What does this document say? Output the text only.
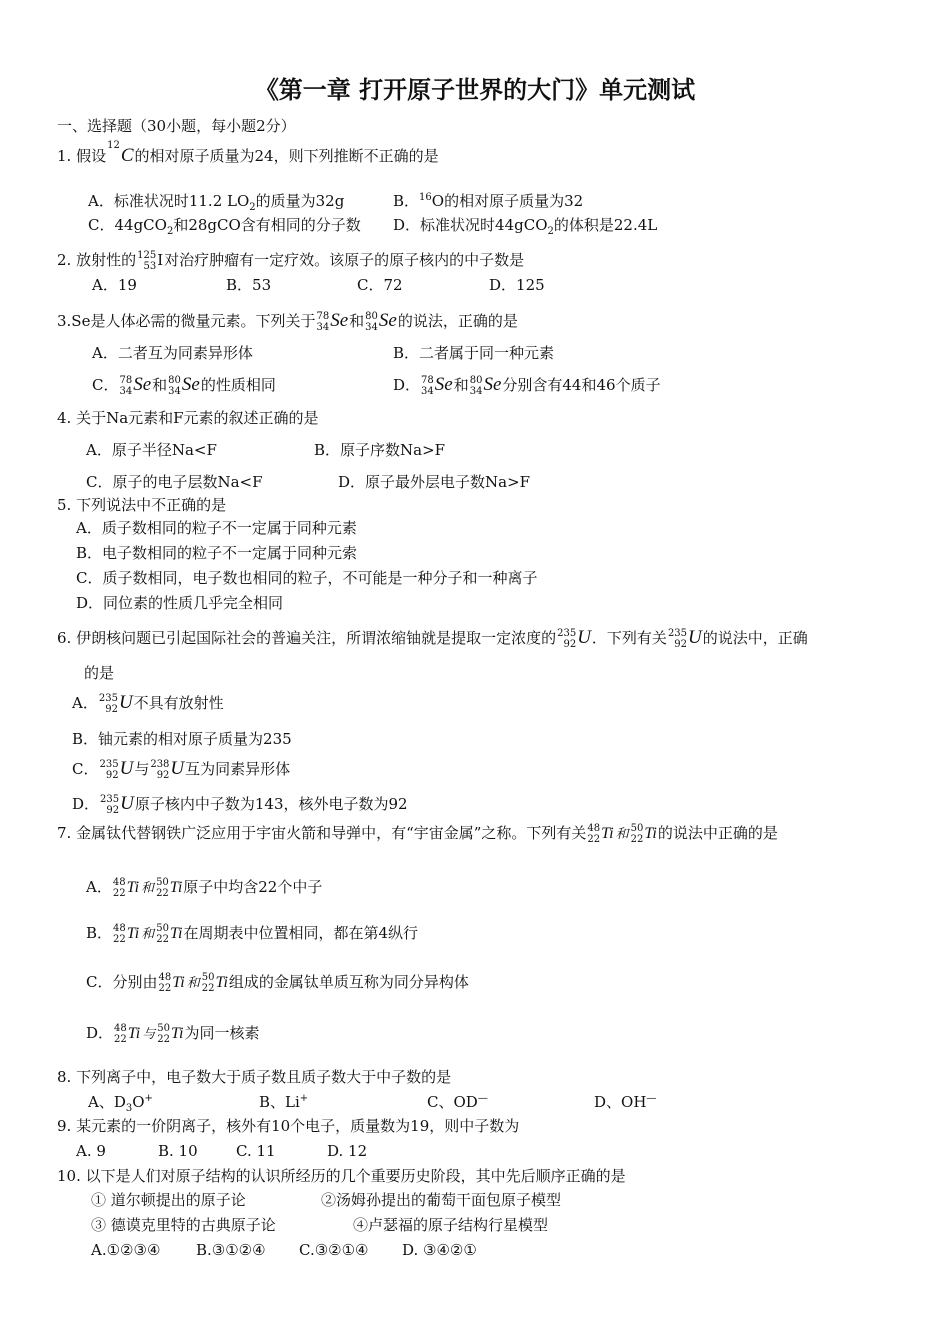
《第一章 打开原子世界的大门》单元测试
一、选择题（30小题，每小题2分）
1. 假设
12 C的相对原子质量为24，则下列推断不正确的是
A．标准状况时11.2 $LO_2$的质量为32g	B．$^{16}$O的相对原子质量为32
C．44gCO$_2$和28gCO含有相同的分子数 D．标准状况时44gCO$_2$的体积是22.4L
2. 放射性的 125
53 I对治疗肿瘤有一定疗效。该原子的原子核内的中子数是
A．19	B．53	C．72	D．125
3.Se是人体必需的微量元素。下列关于 78
34 Se和 80
34 Se的说法，正确的是
A．二者互为同素异形体	B．二者属于同一种元素
C． 78
34 Se和 80
34 Se的性质相同	D． 78
34 Se和 80
34 Se分别含有44和46个质子
4. 关于Na元素和F元素的叙述正确的是
A．原子半径Na<F	B．原子序数Na>F
C．原子的电子层数Na<F	D．原子最外层电子数Na>F
5. 下列说法中不正确的是
A．质子数相同的粒子不一定属于同种元素
B．电子数相同的粒子不一定属于同种元索
C．质子数相同，电子数也相同的粒子，不可能是一种分子和一种离子
D．同位素的性质几乎完全相同
6. 伊朗核问题已引起国际社会的普遍关注，所谓浓缩铀就是提取一定浓度的 235
92 U．下列有关 235
92 U的说法中，正确
的是
A． 235
92 U不具有放射性
B．铀元素的相对原子质量为235
C． 235
92 U与 238
92 U互为同素异形体
D． 235
92 U原子核内中子数为143，核外电子数为92
7. 金属钛代替钢铁广泛应用于宇宙火箭和导弹中，有“宇宙金属”之称。下列有关 48
22 Ti 和 50
22 Ti的说法中正确的是
A． 48
22 Ti 和 50
22 Ti原子中均含22个中子
B． 48
22 Ti 和 50
22 Ti在周期表中位置相同，都在第4纵行
C．分别由 48
22 Ti 和 50
22 Ti组成的金属钛单质互称为同分异构体
D． 48
22 Ti 与 50
22 Ti为同一核素
8. 下列离子中，电子数大于质子数且质子数大于中子数的是
A、$D_3O^+$	B、Li+	C、OD—	D、OH—
9. 某元素的一价阴离子，核外有10个电子，质量数为19，则中子数为
A. 9	B. 10	C. 11	D. 12
10. 以下是人们对原子结构的认识所经历的几个重要历史阶段，其中先后顺序正确的是
① 道尔顿提出的原子论	②汤姆孙提出的葡萄干面包原子模型
③ 德谟克里特的古典原子论	④卢瑟福的原子结构行星模型
A.①②③④ B.③①②④ C.③②①④ D. ③④②①
